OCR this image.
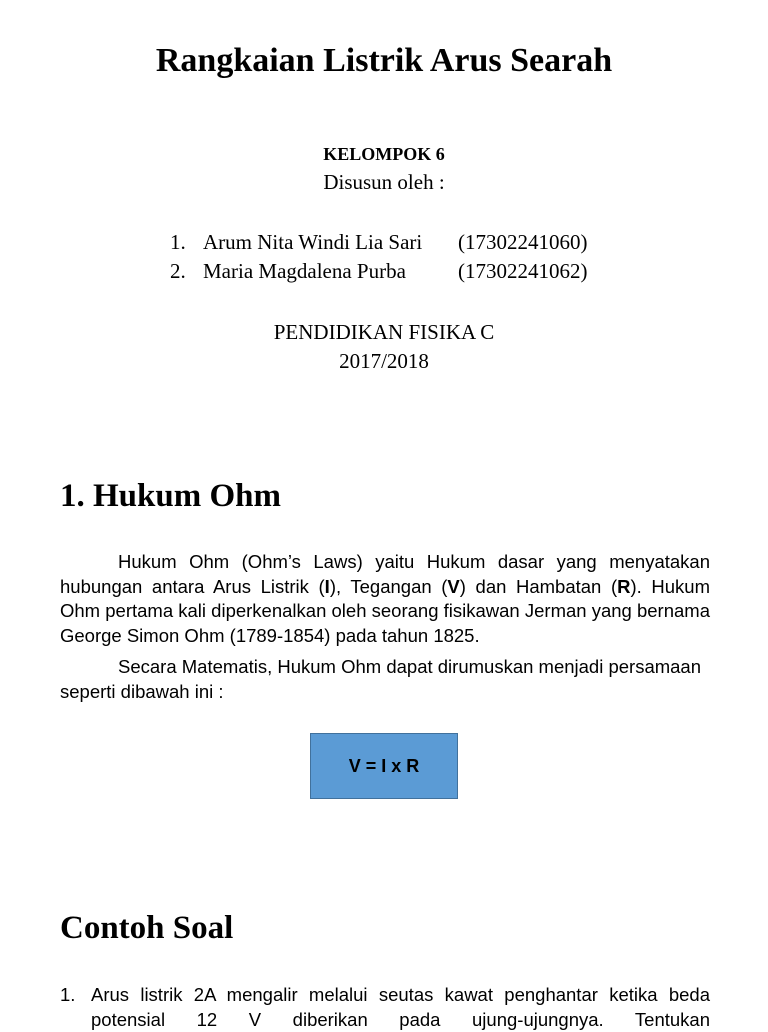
Rangkaian Listrik Arus Searah
KELOMPOK 6
Disusun oleh :
1. Arum Nita Windi Lia Sari (17302241060)
2. Maria Magdalena Purba (17302241062)
PENDIDIKAN FISIKA C
2017/2018
1. Hukum Ohm

Hukum Ohm (Ohm’s Laws) yaitu Hukum dasar yang menyatakan hubungan antara Arus Listrik (I), Tegangan (V) dan Hambatan (R). Hukum Ohm pertama kali diperkenalkan oleh seorang fisikawan Jerman yang bernama George Simon Ohm (1789-1854) pada tahun 1825.

Secara Matematis, Hukum Ohm dapat dirumuskan menjadi persamaan seperti dibawah ini :

V = I x R
Contoh Soal
1. Arus listrik 2A mengalir melalui seutas kawat penghantar ketika beda potensial 12 V diberikan pada ujung-ujungnya. Tentukan
